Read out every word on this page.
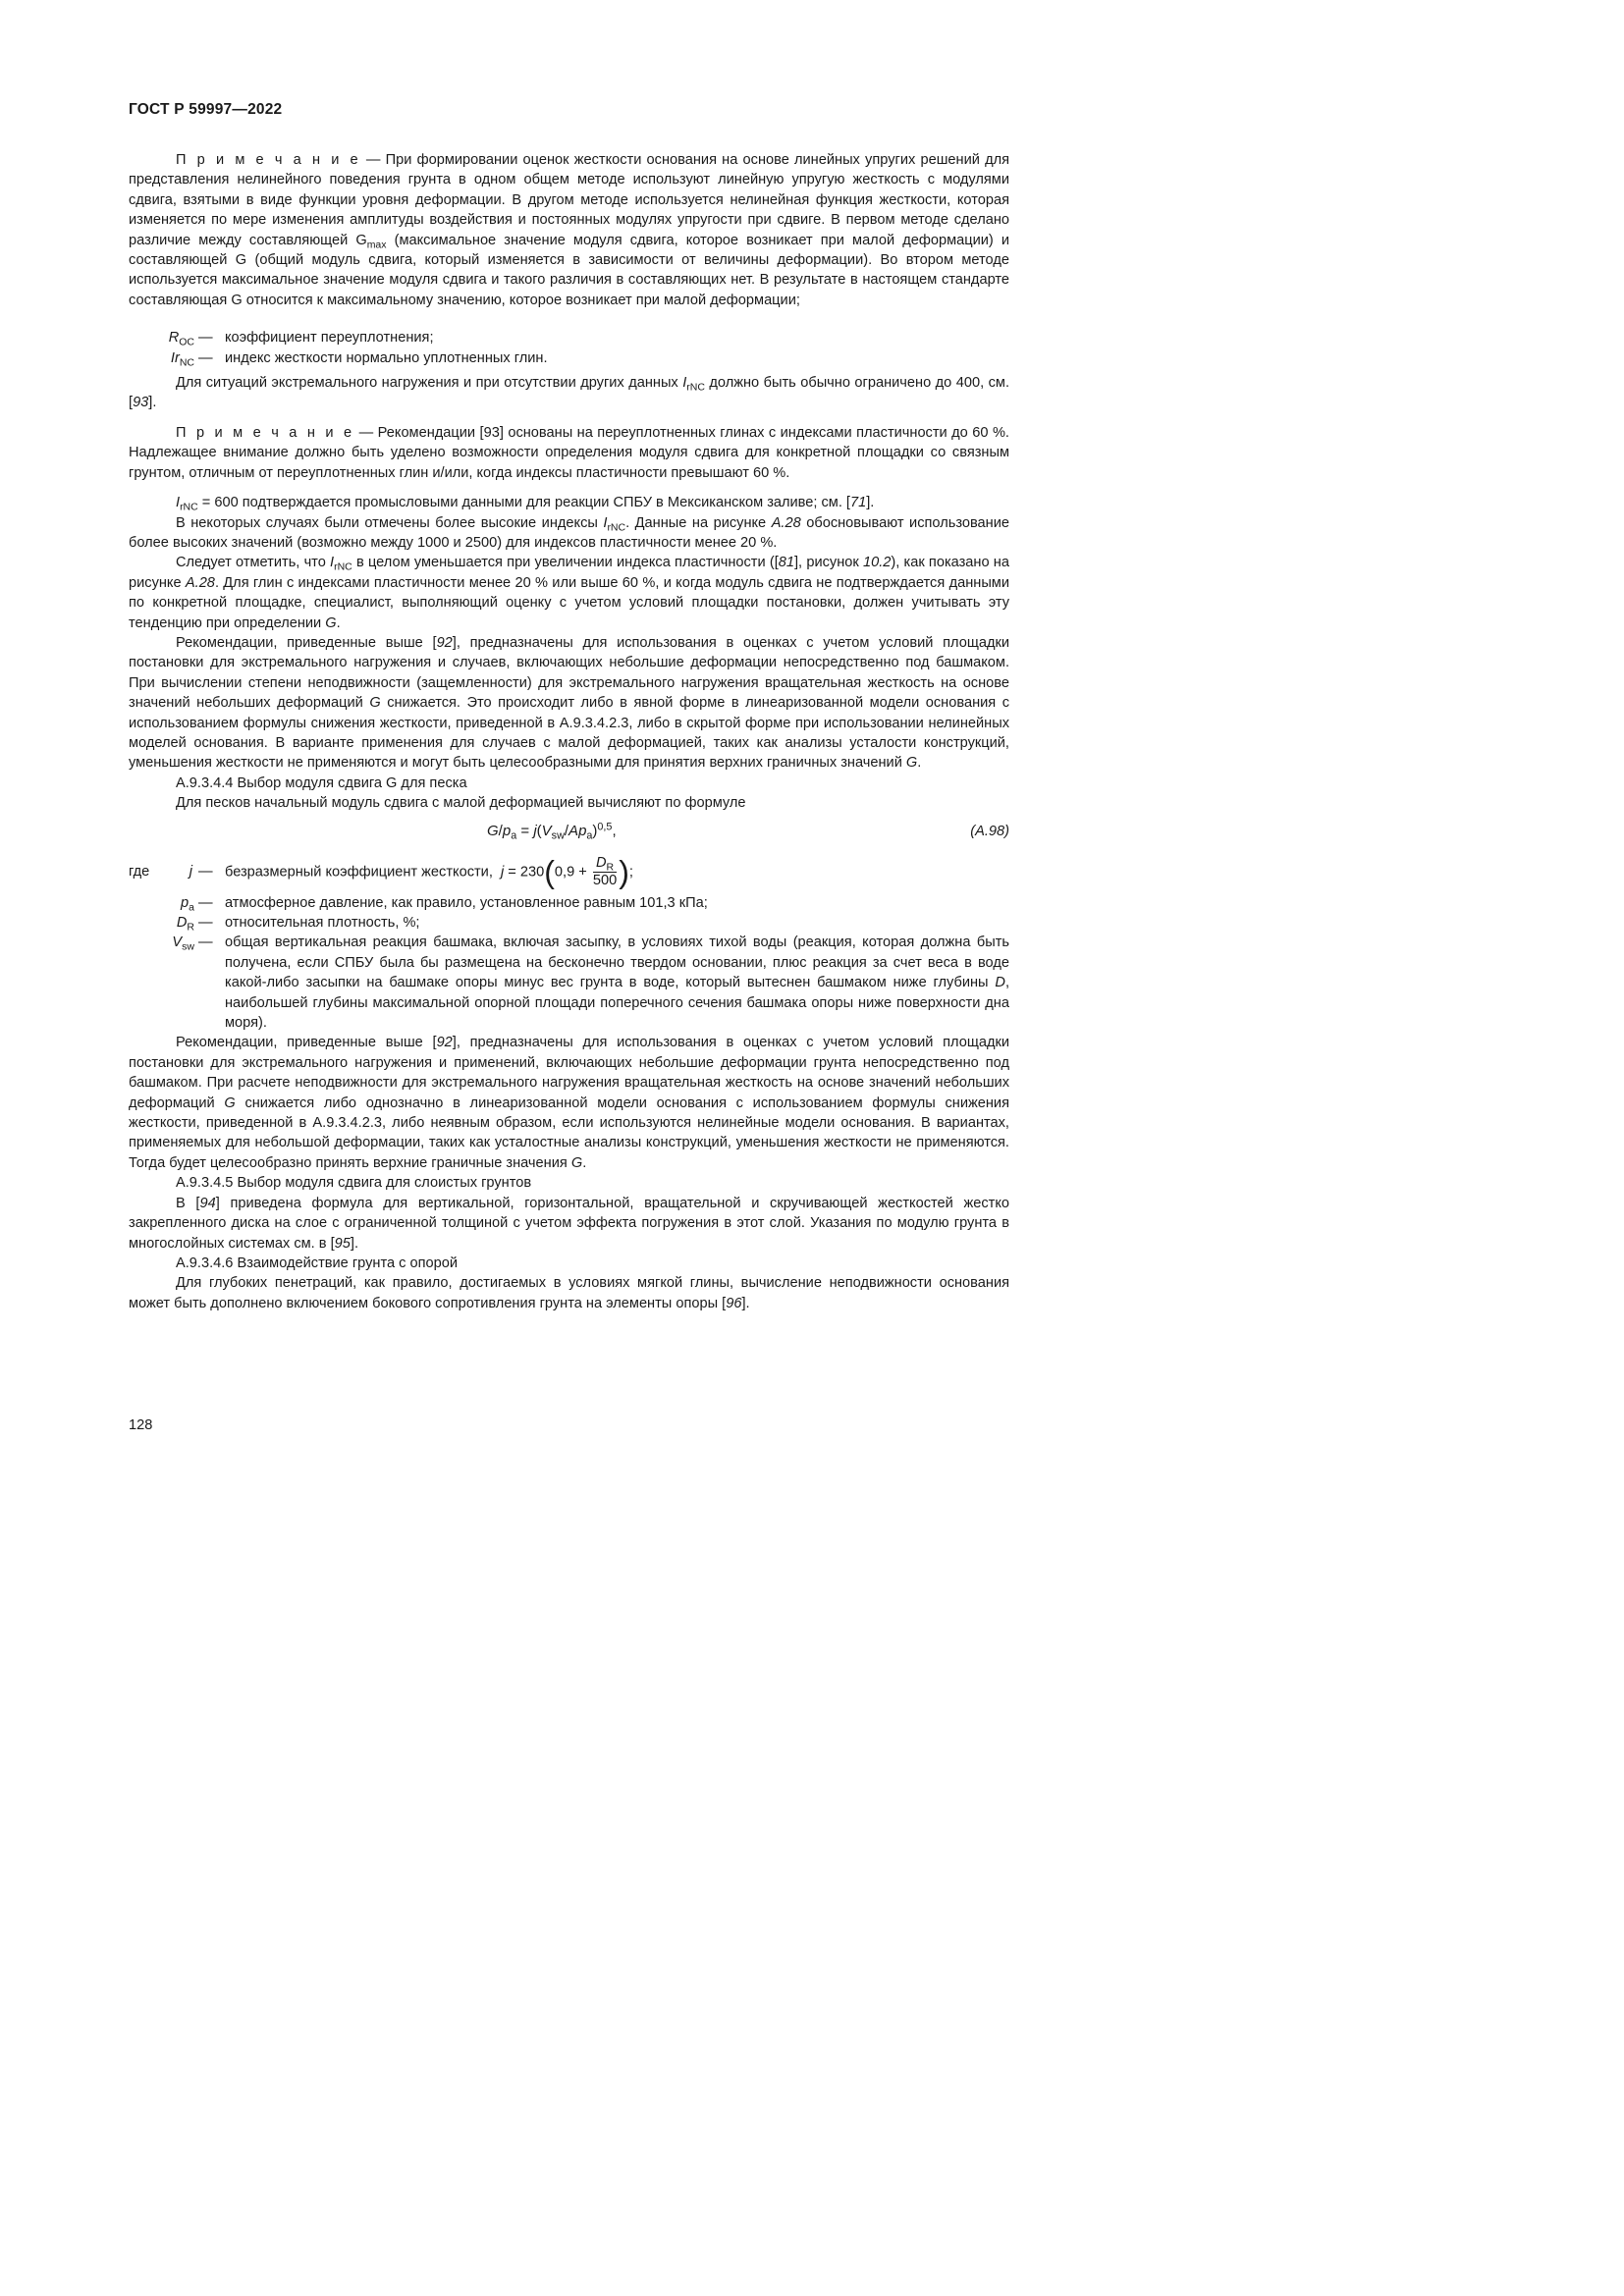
ГОСТ Р 59997—2022

П р и м е ч а н и е — При формировании оценок жесткости основания на основе линейных упругих решений для представления нелинейного поведения грунта в одном общем методе используют линейную упругую жесткость с модулями сдвига, взятыми в виде функции уровня деформации. В другом методе используется нелинейная функция жесткости, которая изменяется по мере изменения амплитуды воздействия и постоянных модулях упругости при сдвиге. В первом методе сделано различие между составляющей $G_{max}$ (максимальное значение модуля сдвига, которое возникает при малой деформации) и составляющей G (общий модуль сдвига, который изменяется в зависимости от величины деформации). Во втором методе используется максимальное значение модуля сдвига и такого различия в составляющих нет. В результате в настоящем стандарте составляющая G относится к максимальному значению, которое возникает при малой деформации;

$R_{OC}$ — коэффициент переуплотнения;
$Ir_{NC}$ — индекс жесткости нормально уплотненных глин.

Для ситуаций экстремального нагружения и при отсутствии других данных $I_{rNC}$ должно быть обычно ограничено до 400, см. [93].

П р и м е ч а н и е — Рекомендации [93] основаны на переуплотненных глинах с индексами пластичности до 60 %. Надлежащее внимание должно быть уделено возможности определения модуля сдвига для конкретной площадки со связным грунтом, отличным от переуплотненных глин и/или, когда индексы пластичности превышают 60 %.

$I_{rNC} = 600$ подтверждается промысловыми данными для реакции СПБУ в Мексиканском заливе; см. [71].

В некоторых случаях были отмечены более высокие индексы $I_{rNC}$. Данные на рисунке А.28 обосновывают использование более высоких значений (возможно между 1000 и 2500) для индексов пластичности менее 20 %.

Следует отметить, что $I_{rNC}$ в целом уменьшается при увеличении индекса пластичности ([81], рисунок 10.2), как показано на рисунке А.28. Для глин с индексами пластичности менее 20 % или выше 60 %, и когда модуль сдвига не подтверждается данными по конкретной площадке, специалист, выполняющий оценку с учетом условий площадки постановки, должен учитывать эту тенденцию при определении G.

Рекомендации, приведенные выше [92], предназначены для использования в оценках с учетом условий площадки постановки для экстремального нагружения и случаев, включающих небольшие деформации непосредственно под башмаком. При вычислении степени неподвижности (защемленности) для экстремального нагружения вращательная жесткость на основе значений небольших деформаций G снижается. Это происходит либо в явной форме в линеаризованной модели основания с использованием формулы снижения жесткости, приведенной в А.9.3.4.2.3, либо в скрытой форме при использовании нелинейных моделей основания. В варианте применения для случаев с малой деформацией, таких как анализы усталости конструкций, уменьшения жесткости не применяются и могут быть целесообразными для принятия верхних граничных значений G.

А.9.3.4.4 Выбор модуля сдвига G для песка

Для песков начальный модуль сдвига с малой деформацией вычисляют по формуле

$G/p_a = j(V_{sw}/Ap_a)^{0,5}$,	(А.98)
где	j — безразмерный коэффициент жесткости, $j = 230(0,9 + \frac{D_R}{500}$ );
$p_a$ — атмосферное давление, как правило, установленное равным 101,3 кПа;
$D_R$ — относительная плотность, %;
$V_{sw}$ — общая вертикальная реакция башмака, включая засыпку, в условиях тихой воды (реакция, которая должна быть получена, если СПБУ была бы размещена на бесконечно твердом основании, плюс реакция за счет веса в воде какой-либо засыпки на башмаке опоры минус вес грунта в воде, который вытеснен башмаком ниже глубины D, наибольшей глубины максимальной опорной площади поперечного сечения башмака опоры ниже поверхности дна моря).

Рекомендации, приведенные выше [92], предназначены для использования в оценках с учетом условий площадки постановки для экстремального нагружения и применений, включающих небольшие деформации грунта непосредственно под башмаком. При расчете неподвижности для экстремального нагружения вращательная жесткость на основе значений небольших деформаций G снижается либо однозначно в линеаризованной модели основания с использованием формулы снижения жесткости, приведенной в А.9.3.4.2.3, либо неявным образом, если используются нелинейные модели основания. В вариантах, применяемых для небольшой деформации, таких как усталостные анализы конструкций, уменьшения жесткости не применяются. Тогда будет целесообразно принять верхние граничные значения G.

А.9.3.4.5 Выбор модуля сдвига для слоистых грунтов

В [94] приведена формула для вертикальной, горизонтальной, вращательной и скручивающей жесткостей жестко закрепленного диска на слое с ограниченной толщиной с учетом эффекта погружения в этот слой. Указания по модулю грунта в многослойных системах см. в [95].

А.9.3.4.6 Взаимодействие грунта с опорой

Для глубоких пенетраций, как правило, достигаемых в условиях мягкой глины, вычисление неподвижности основания может быть дополнено включением бокового сопротивления грунта на элементы опоры [96].

128
